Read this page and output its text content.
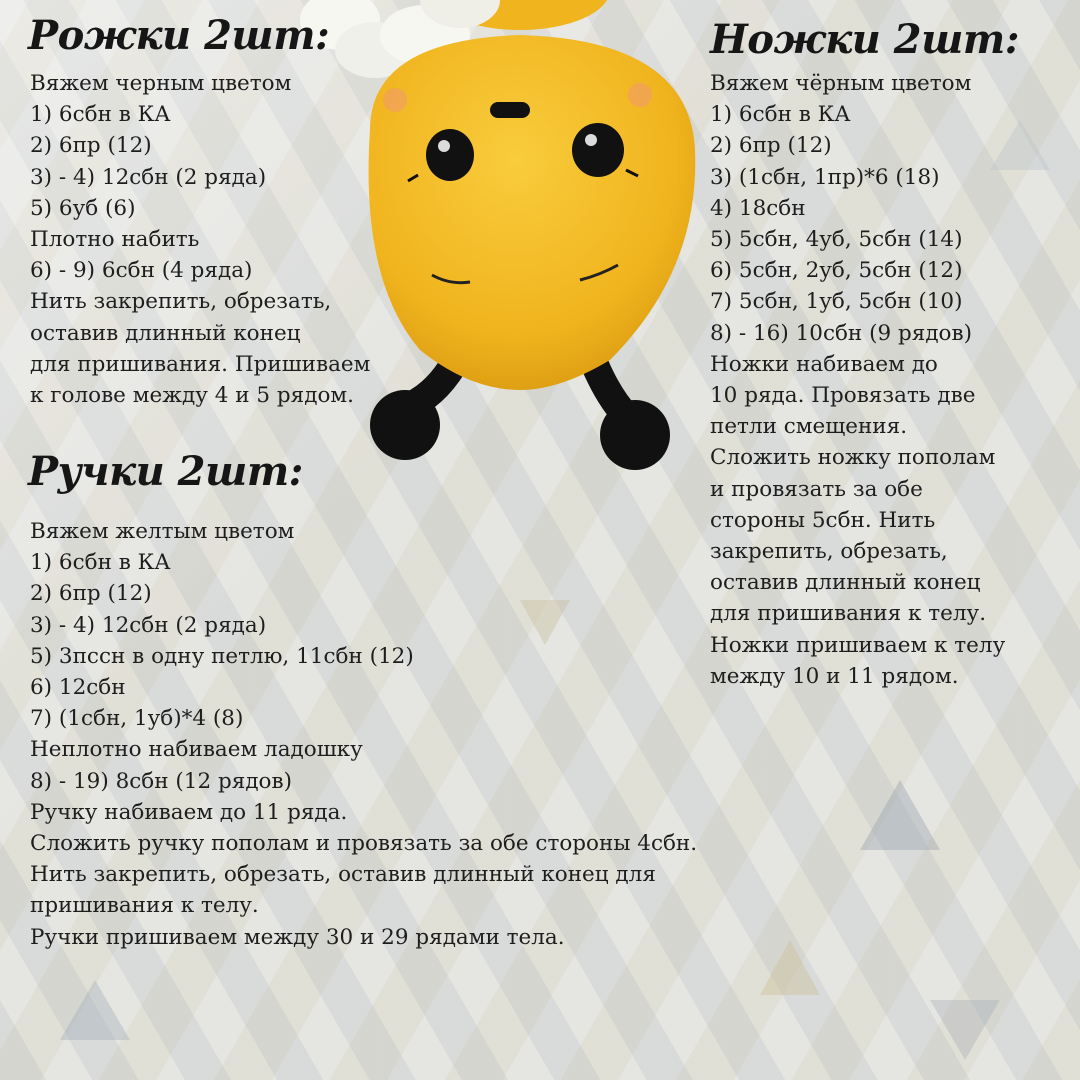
Рожки 2шт:
Вяжем черным цветом
1) 6сбн в КА
2) 6пр (12)
3) - 4) 12сбн (2 ряда)
5) 6уб (6)
Плотно набить
6) - 9) 6сбн (4 ряда)
Нить закрепить, обрезать,
оставив длинный конец
для пришивания. Пришиваем
к голове между 4 и 5 рядом.
Ножки 2шт:
Вяжем чёрным цветом
1) 6сбн в КА
2) 6пр (12)
3) (1сбн, 1пр)*6 (18)
4) 18сбн
5) 5сбн, 4уб, 5сбн (14)
6) 5сбн, 2уб, 5сбн (12)
7) 5сбн, 1уб, 5сбн (10)
8) - 16) 10сбн (9 рядов)
Ножки набиваем до
10 ряда. Провязать две
петли смещения.
Сложить ножку пополам
и провязать за обе
стороны 5сбн. Нить
закрепить, обрезать,
оставив длинный конец
для пришивания к телу.
Ножки пришиваем к телу
между 10 и 11 рядом.
Ручки 2шт:
Вяжем желтым цветом
1) 6сбн в КА
2) 6пр (12)
3) - 4) 12сбн (2 ряда)
5) 3пссн в одну петлю, 11сбн (12)
6) 12сбн
7) (1сбн, 1уб)*4 (8)
Неплотно набиваем ладошку
8) - 19) 8сбн (12 рядов)
Ручку набиваем до 11 ряда.
Сложить ручку пополам и провязать за обе стороны 4сбн.
Нить закрепить, обрезать, оставив длинный конец для
пришивания к телу.
Ручки пришиваем между 30 и 29 рядами тела.
